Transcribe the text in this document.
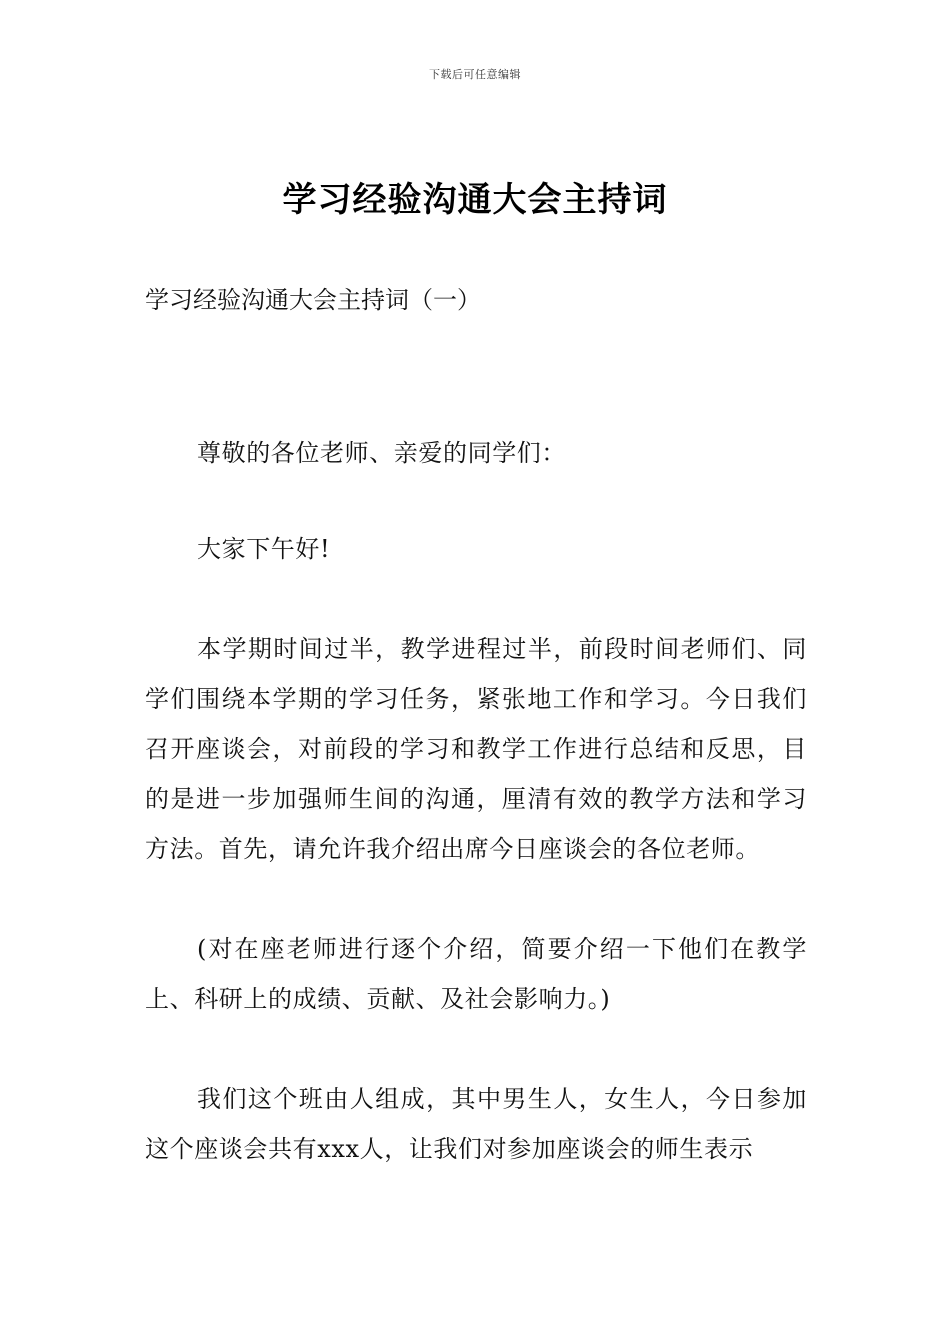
下载后可任意编辑
学习经验沟通大会主持词
学习经验沟通大会主持词（一）

尊敬的各位老师、亲爱的同学们：

大家下午好!

本学期时间过半，教学进程过半，前段时间老师们、同学们围绕本学期的学习任务，紧张地工作和学习。今日我们召开座谈会，对前段的学习和教学工作进行总结和反思，目的是进一步加强师生间的沟通，厘清有效的教学方法和学习方法。首先，请允许我介绍出席今日座谈会的各位老师。

(对在座老师进行逐个介绍，简要介绍一下他们在教学上、科研上的成绩、贡献、及社会影响力。)

我们这个班由人组成，其中男生人，女生人，今日参加这个座谈会共有xxx人，让我们对参加座谈会的师生表示
